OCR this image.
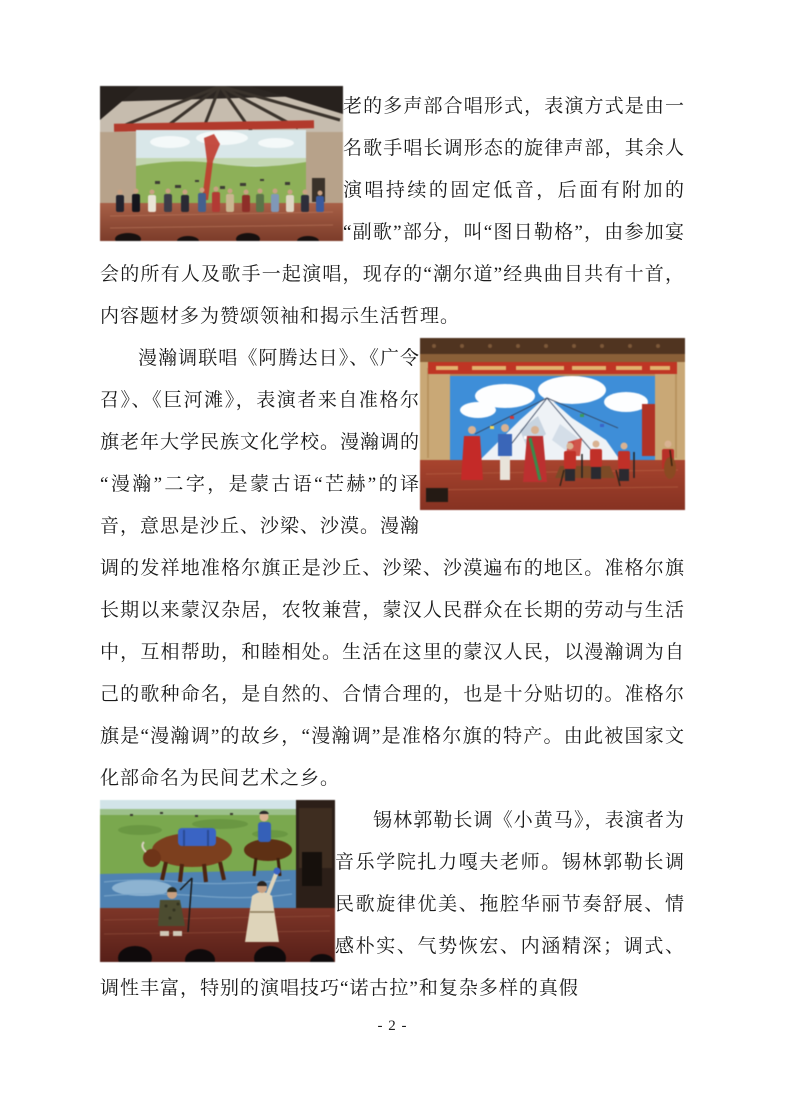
老的多声部合唱形式，表演方式是由一名歌手唱长调形态的旋律声部，其余人演唱持续的固定低音，后面有附加的“副歌”部分，叫“图日勒格”，由参加宴会的所有人及歌手一起演唱，现存的“潮尔道”经典曲目共有十首，内容题材多为赞颂领袖和揭示生活哲理。

漫瀚调联唱《阿腾达日》、《广令召》、《巨河滩》，表演者来自准格尔旗老年大学民族文化学校。漫瀚调的“漫瀚”二字，是蒙古语“芒赫”的译音，意思是沙丘、沙梁、沙漠。漫瀚调的发祥地准格尔旗正是沙丘、沙梁、沙漠遍布的地区。准格尔旗长期以来蒙汉杂居，农牧兼营，蒙汉人民群众在长期的劳动与生活中，互相帮助，和睦相处。生活在这里的蒙汉人民，以漫瀚调为自己的歌种命名，是自然的、合情合理的，也是十分贴切的。准格尔旗是“漫瀚调”的故乡，“漫瀚调”是准格尔旗的特产。由此被国家文化部命名为民间艺术之乡。

锡林郭勒长调《小黄马》，表演者为音乐学院扎力嘎夫老师。锡林郭勒长调民歌旋律优美、拖腔华丽节奏舒展、情感朴实、气势恢宏、内涵精深；调式、调性丰富，特别的演唱技巧“诺古拉”和复杂多样的真假

- 2 -
